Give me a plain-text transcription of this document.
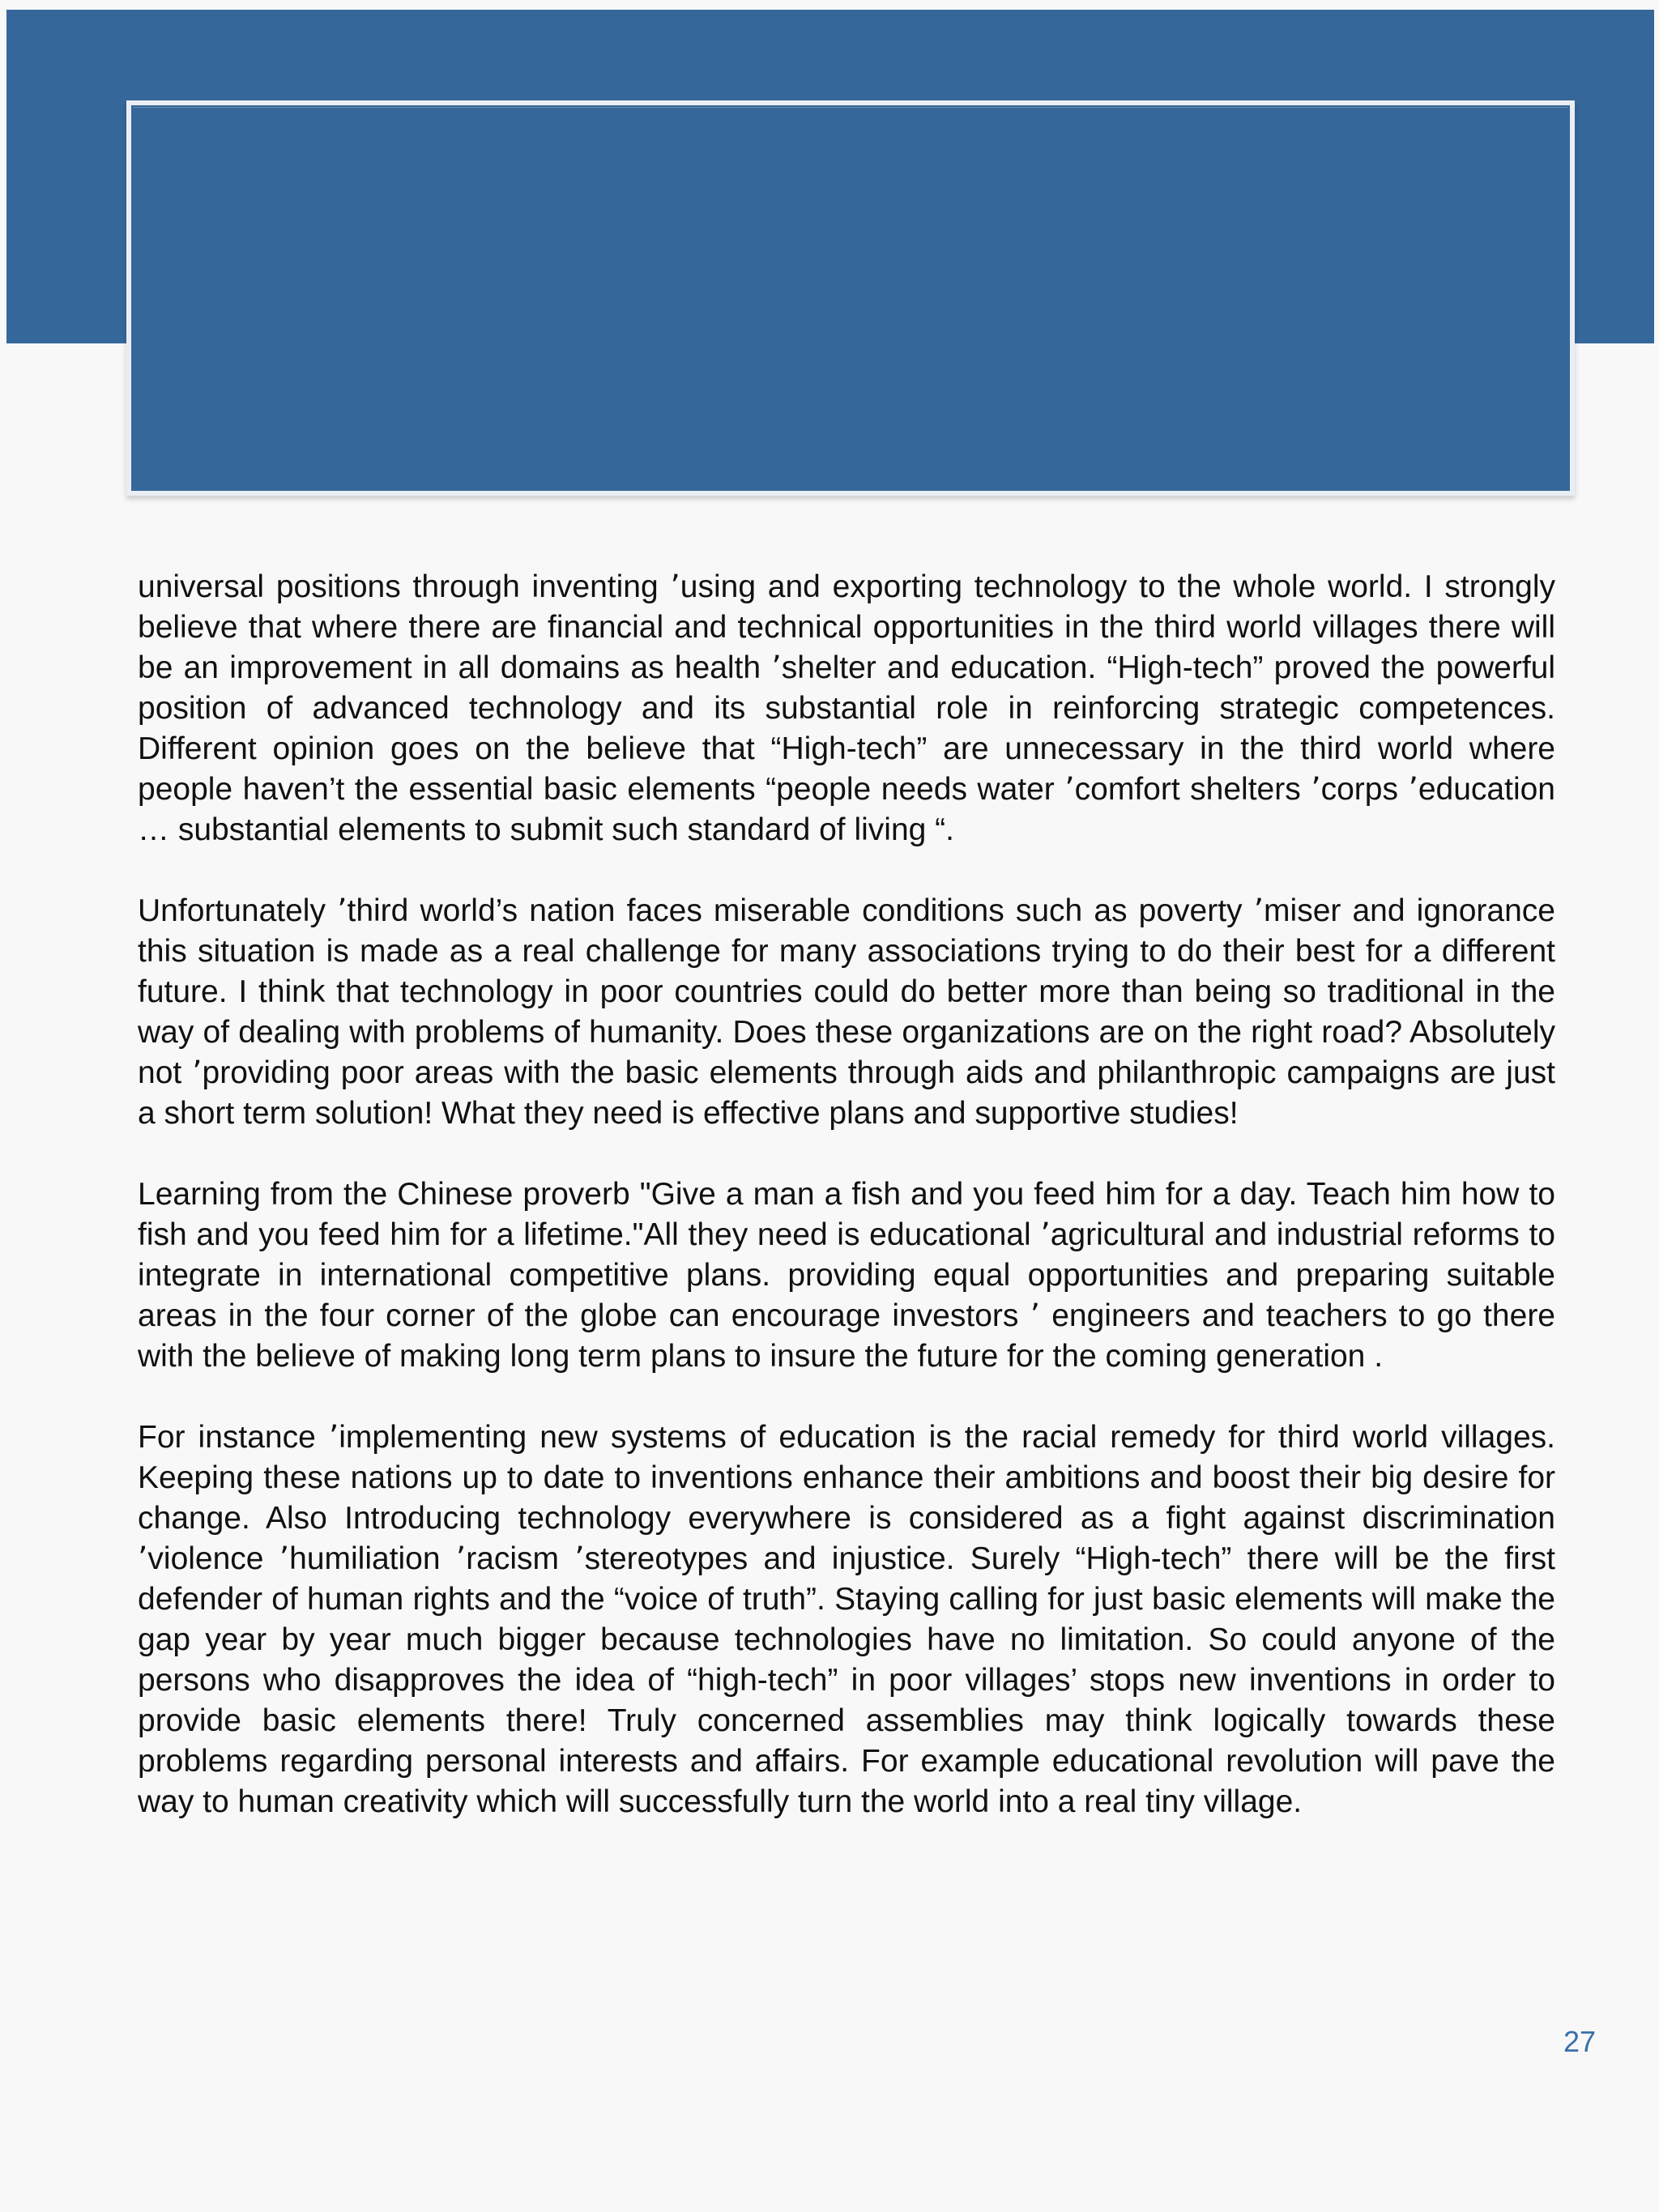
universal positions through inventing ٬using and exporting technology to the whole world. I strongly believe that where there are financial and technical opportunities in the third world villages there will be an improvement in all domains as health ٬shelter and education. “High-tech” proved the powerful position of advanced technology and its substantial role in reinforcing strategic competences. Different opinion goes on the believe that “High-tech” are unnecessary in the third world where people haven’t the essential basic elements “people needs water ٬comfort shelters ٬corps ٬education … substantial elements to submit such standard of living “.

Unfortunately ٬third world’s nation faces miserable conditions such as poverty ٬miser and ignorance this situation is made as a real challenge for many associations trying to do their best for a different future. I think that technology in poor countries could do better more than being so traditional in the way of dealing with problems of humanity. Does these organizations are on the right road? Absolutely not ٬providing poor areas with the basic elements through aids and philanthropic campaigns are just a short term solution! What they need is effective plans and supportive studies!

Learning from the Chinese proverb "Give a man a fish and you feed him for a day. Teach him how to fish and you feed him for a lifetime."All they need is educational ٬agricultural and industrial reforms to integrate in international competitive plans. providing equal opportunities and preparing suitable areas in the four corner of the globe can encourage investors ٬ engineers and teachers to go there with the believe of making long term plans to insure the future for the coming generation .

For instance ٬implementing new systems of education is the racial remedy for third world villages. Keeping these nations up to date to inventions enhance their ambitions and boost their big desire for change. Also Introducing technology everywhere is considered as a fight against discrimination ٬violence ٬humiliation ٬racism ٬stereotypes and injustice. Surely “High-tech” there will be the first defender of human rights and the “voice of truth”. Staying calling for just basic elements will make the gap year by year much bigger because technologies have no limitation. So could anyone of the persons who disapproves the idea of “high-tech” in poor villages’ stops new inventions in order to provide basic elements there! Truly concerned assemblies may think logically towards these problems regarding personal interests and affairs. For example educational revolution will pave the way to human creativity which will successfully turn the world into a real tiny village.

27
